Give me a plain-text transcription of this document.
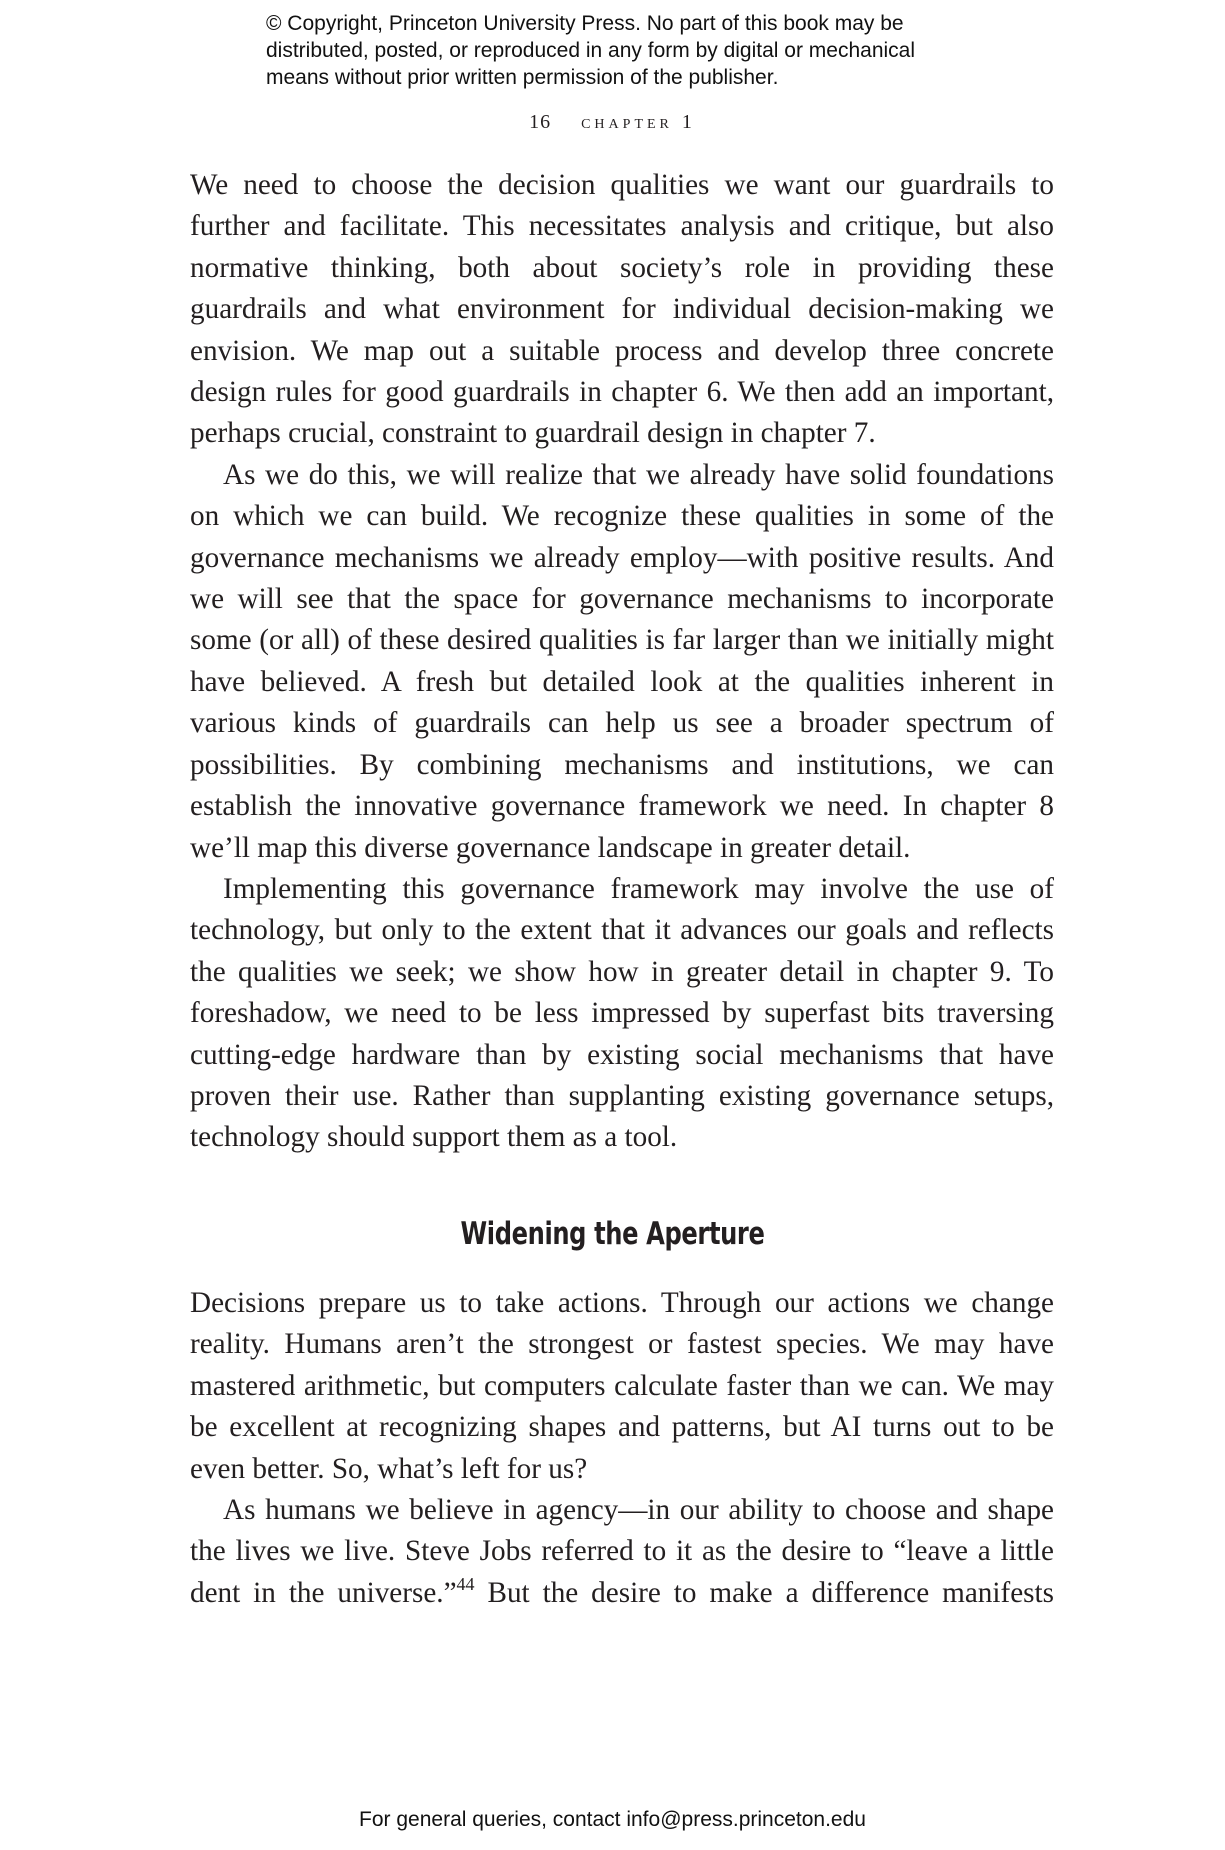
© Copyright, Princeton University Press. No part of this book may be

distributed, posted, or reproduced in any form by digital or mechanical

means without prior written permission of the publisher.

16 chapter 1

We need to choose the decision qualities we want our guardrails to further and facilitate. This necessitates analysis and critique, but also normative thinking, both about society’s role in providing these guardrails and what environment for individual decision-making we envision. We map out a suitable process and develop three concrete design rules for good guardrails in chapter 6. We then add an important, perhaps crucial, constraint to guardrail design in chapter 7.

As we do this, we will realize that we already have solid foundations on which we can build. We recognize these qualities in some of the governance mechanisms we already employ—with positive results. And we will see that the space for governance mechanisms to incorporate some (or all) of these desired qualities is far larger than we initially might have believed. A fresh but detailed look at the qualities inherent in various kinds of guardrails can help us see a broader spectrum of possibilities. By combining mechanisms and institutions, we can establish the innovative governance framework we need. In chapter 8 we’ll map this diverse governance landscape in greater detail.

Implementing this governance framework may involve the use of technology, but only to the extent that it advances our goals and reflects the qualities we seek; we show how in greater detail in chapter 9. To foreshadow, we need to be less impressed by superfast bits traversing cutting-edge hardware than by existing social mechanisms that have proven their use. Rather than supplanting existing governance setups, technology should support them as a tool.

Widening the Aperture

Decisions prepare us to take actions. Through our actions we change reality. Humans aren’t the strongest or fastest species. We may have mastered arithmetic, but computers calculate faster than we can. We may be excellent at recognizing shapes and patterns, but AI turns out to be even better. So, what’s left for us?

As humans we believe in agency—in our ability to choose and shape the lives we live. Steve Jobs referred to it as the desire to “leave a little dent in the universe.”$^{44}$ But the desire to make a difference manifests

For general queries, contact info@press.princeton.edu
